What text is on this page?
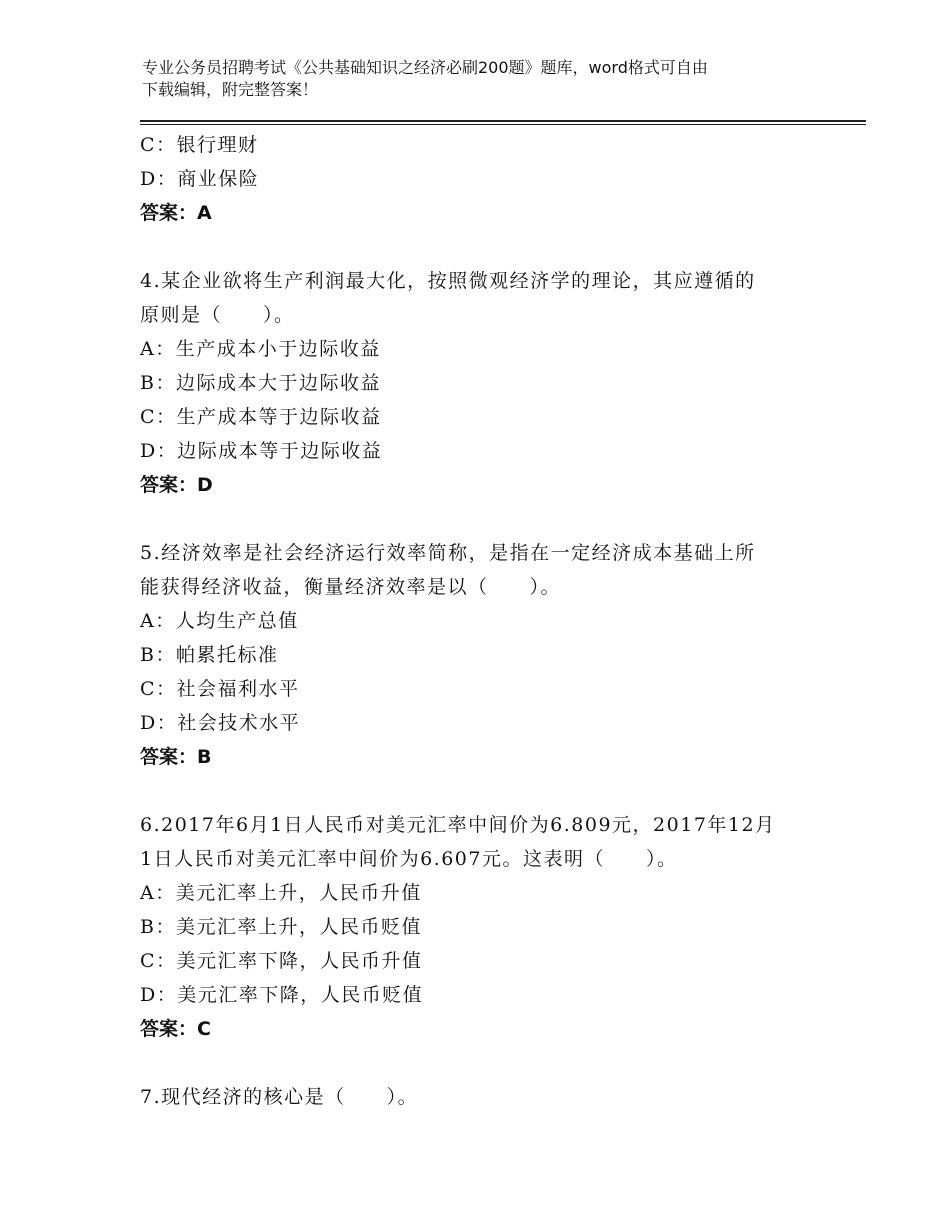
专业公务员招聘考试《公共基础知识之经济必刷200题》题库，word格式可自由
下载编辑，附完整答案！
C：银行理财
D：商业保险
答案：A
4.某企业欲将生产利润最大化，按照微观经济学的理论，其应遵循的
原则是（　　）。
A：生产成本小于边际收益
B：边际成本大于边际收益
C：生产成本等于边际收益
D：边际成本等于边际收益
答案：D
5.经济效率是社会经济运行效率简称，是指在一定经济成本基础上所
能获得经济收益，衡量经济效率是以（　　）。
A：人均生产总值
B：帕累托标准
C：社会福利水平
D：社会技术水平
答案：B
6.2017年6月1日人民币对美元汇率中间价为6.809元，2017年12月
1日人民币对美元汇率中间价为6.607元。这表明（　　）。
A：美元汇率上升，人民币升值
B：美元汇率上升，人民币贬值
C：美元汇率下降，人民币升值
D：美元汇率下降，人民币贬值
答案：C
7.现代经济的核心是（　　）。
